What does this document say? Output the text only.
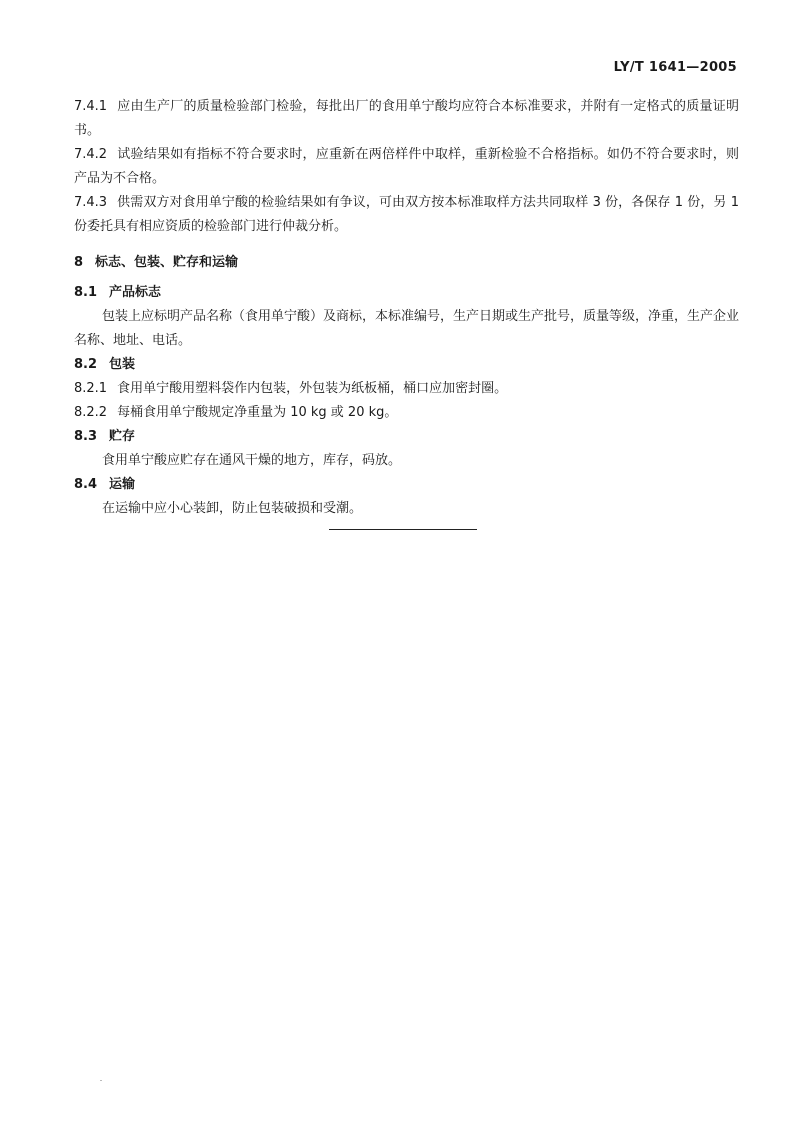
LY/T 1641—2005

7.4.1 应由生产厂的质量检验部门检验，每批出厂的食用单宁酸均应符合本标准要求，并附有一定格式的质量证明书。

7.4.2 试验结果如有指标不符合要求时，应重新在两倍样件中取样，重新检验不合格指标。如仍不符合要求时，则产品为不合格。

7.4.3 供需双方对食用单宁酸的检验结果如有争议，可由双方按本标准取样方法共同取样 3 份，各保存 1 份，另 1 份委托具有相应资质的检验部门进行仲裁分析。

8 标志、包装、贮存和运输

8.1 产品标志

包装上应标明产品名称（食用单宁酸）及商标，本标准编号，生产日期或生产批号，质量等级，净重，生产企业名称、地址、电话。

8.2 包装

8.2.1 食用单宁酸用塑料袋作内包装，外包装为纸板桶，桶口应加密封圈。

8.2.2 每桶食用单宁酸规定净重量为 10 kg 或 20 kg。

8.3 贮存

食用单宁酸应贮存在通风干燥的地方，库存，码放。

8.4 运输

在运输中应小心装卸，防止包装破损和受潮。
